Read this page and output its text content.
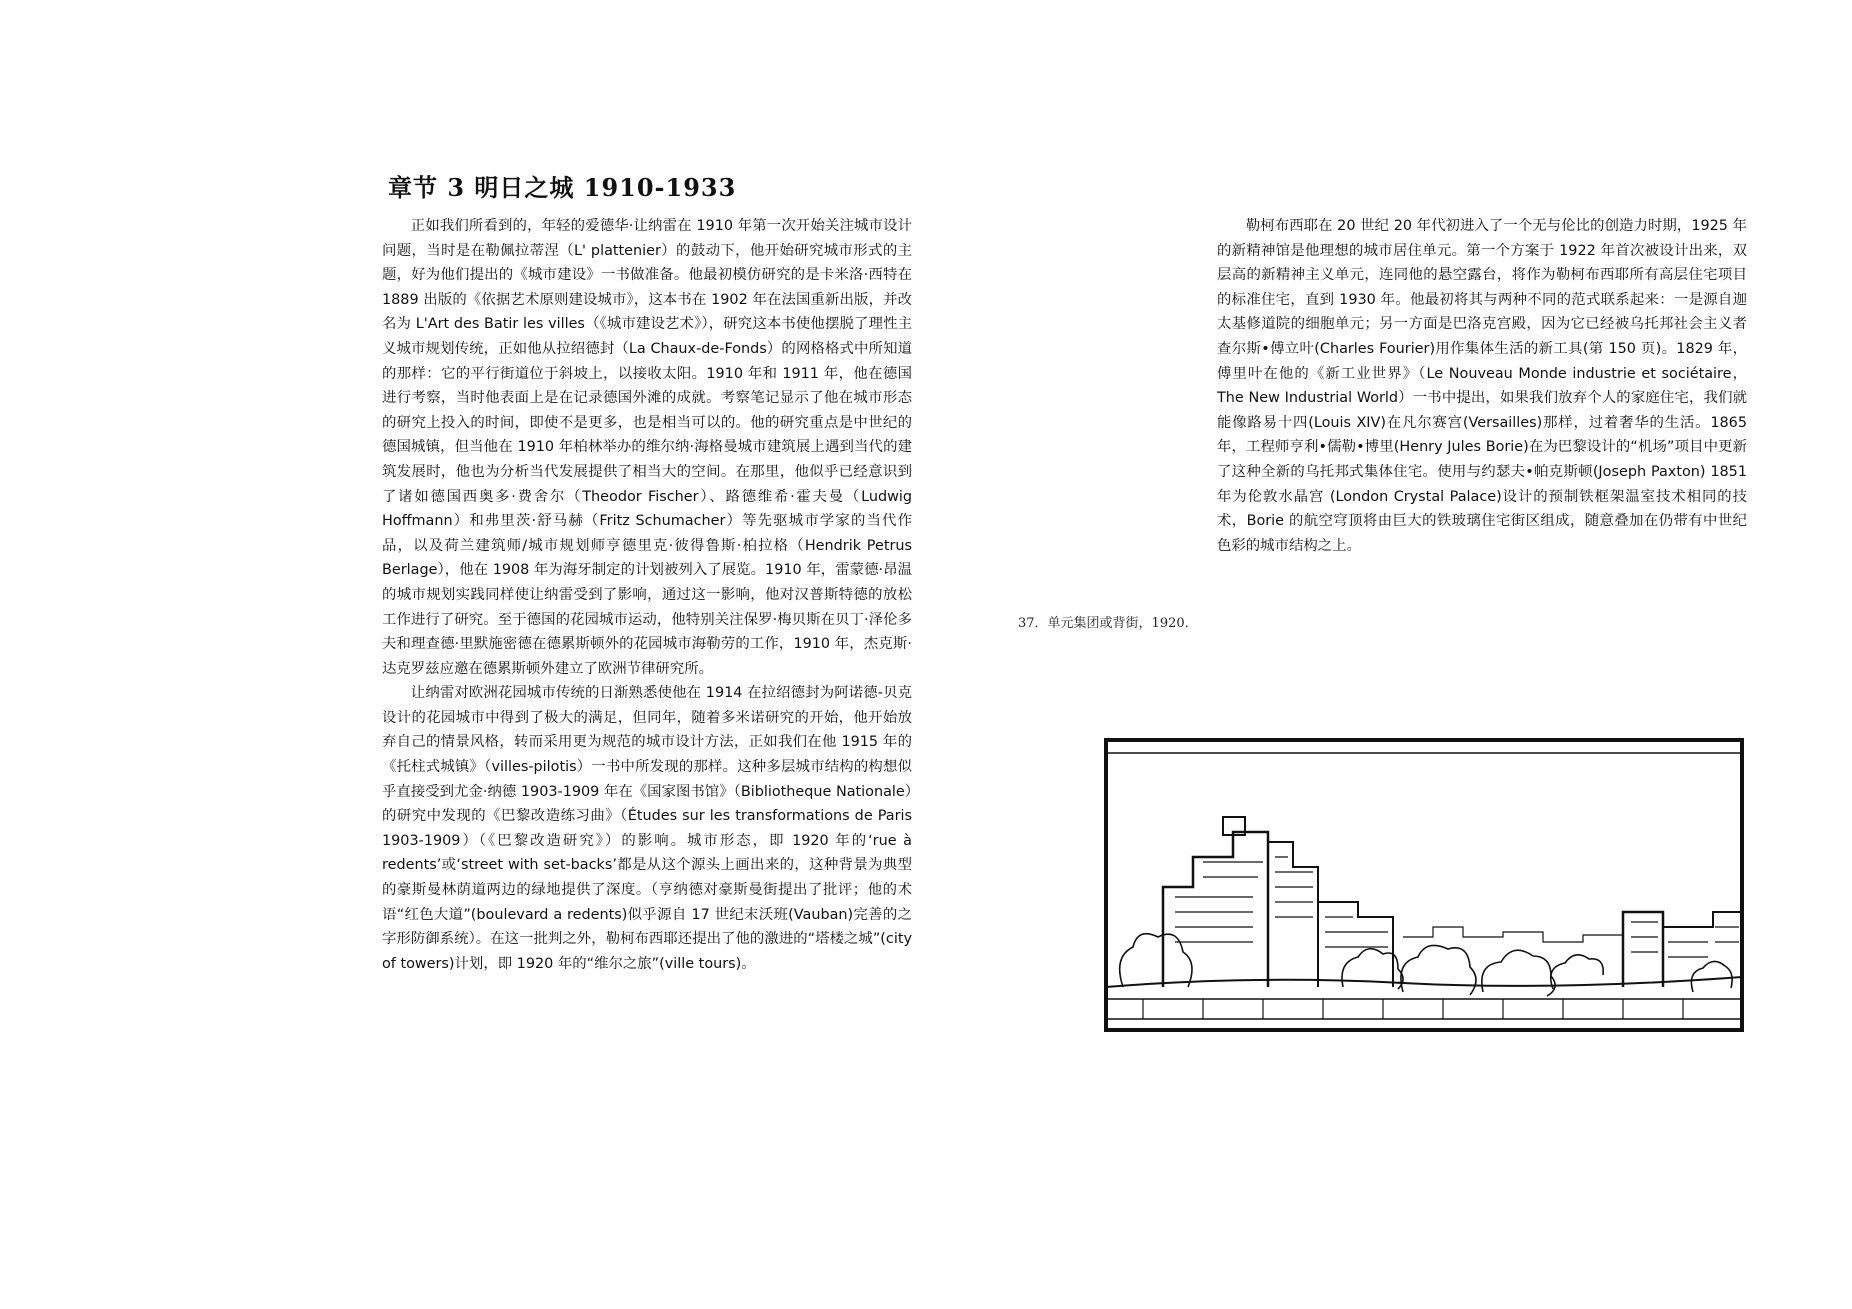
章节 3 明日之城 1910-1933

正如我们所看到的，年轻的爱德华·让纳雷在 1910 年第一次开始关注城市设计问题，当时是在勒佩拉蒂涅（L' plattenier）的鼓动下，他开始研究城市形式的主题，好为他们提出的《城市建设》一书做准备。他最初模仿研究的是卡米洛·西特在 1889 出版的《依据艺术原则建设城市》，这本书在 1902 年在法国重新出版，并改名为 L'Art des Batir les villes（《城市建设艺术》），研究这本书使他摆脱了理性主义城市规划传统，正如他从拉绍德封（La Chaux-de-Fonds）的网格格式中所知道的那样：它的平行街道位于斜坡上，以接收太阳。1910 年和 1911 年，他在德国进行考察，当时他表面上是在记录德国外滩的成就。考察笔记显示了他在城市形态的研究上投入的时间，即使不是更多，也是相当可以的。他的研究重点是中世纪的德国城镇，但当他在 1910 年柏林举办的维尔纳·海格曼城市建筑展上遇到当代的建筑发展时，他也为分析当代发展提供了相当大的空间。在那里，他似乎已经意识到了诸如德国西奥多·费舍尔（Theodor Fischer）、路德维希·霍夫曼（Ludwig Hoffmann）和弗里茨·舒马赫（Fritz Schumacher）等先驱城市学家的当代作品，以及荷兰建筑师/城市规划师亨德里克·彼得鲁斯·柏拉格（Hendrik Petrus Berlage），他在 1908 年为海牙制定的计划被列入了展览。1910 年，雷蒙德·昂温的城市规划实践同样使让纳雷受到了影响，通过这一影响，他对汉普斯特德的放松工作进行了研究。至于德国的花园城市运动，他特别关注保罗·梅贝斯在贝丁·泽伦多夫和理查德·里默施密德在德累斯顿外的花园城市海勒劳的工作，1910 年，杰克斯·达克罗兹应邀在德累斯顿外建立了欧洲节律研究所。

让纳雷对欧洲花园城市传统的日渐熟悉使他在 1914 在拉绍德封为阿诺德-贝克设计的花园城市中得到了极大的满足，但同年，随着多米诺研究的开始，他开始放弃自己的情景风格，转而采用更为规范的城市设计方法，正如我们在他 1915 年的《托柱式城镇》（villes-pilotis）一书中所发现的那样。这种多层城市结构的构想似乎直接受到尤金·纳德 1903-1909 年在《国家图书馆》（Bibliotheque Nationale）的研究中发现的《巴黎改造练习曲》（Études sur les transformations de Paris 1903-1909）（《巴黎改造研究》）的影响。城市形态，即 1920 年的‘rue à redents’或‘street with set-backs’都是从这个源头上画出来的，这种背景为典型的豪斯曼林荫道两边的绿地提供了深度。（亨纳德对豪斯曼街提出了批评；他的术语“红色大道”(boulevard a redents)似乎源自 17 世纪末沃班(Vauban)完善的之字形防御系统）。在这一批判之外，勒柯布西耶还提出了他的激进的“塔楼之城”(city of towers)计划，即 1920 年的“维尔之旅”(ville tours)。

勒柯布西耶在 20 世纪 20 年代初进入了一个无与伦比的创造力时期，1925 年的新精神馆是他理想的城市居住单元。第一个方案于 1922 年首次被设计出来，双层高的新精神主义单元，连同他的悬空露台，将作为勒柯布西耶所有高层住宅项目的标准住宅，直到 1930 年。他最初将其与两种不同的范式联系起来：一是源自迦太基修道院的细胞单元；另一方面是巴洛克宫殿，因为它已经被乌托邦社会主义者查尔斯•傅立叶(Charles Fourier)用作集体生活的新工具(第 150 页)。1829 年，傅里叶在他的《新工业世界》（Le Nouveau Monde industrie et sociétaire，The New Industrial World）一书中提出，如果我们放弃个人的家庭住宅，我们就能像路易十四(Louis XIV)在凡尔赛宫(Versailles)那样，过着奢华的生活。1865 年，工程师亨利•儒勒•博里(Henry Jules Borie)在为巴黎设计的“机场”项目中更新了这种全新的乌托邦式集体住宅。使用与约瑟夫•帕克斯顿(Joseph Paxton) 1851 年为伦敦水晶宫 (London Crystal Palace)设计的预制铁框架温室技术相同的技术，Borie 的航空穹顶将由巨大的铁玻璃住宅街区组成，随意叠加在仍带有中世纪色彩的城市结构之上。

37．单元集团或背街，1920．
